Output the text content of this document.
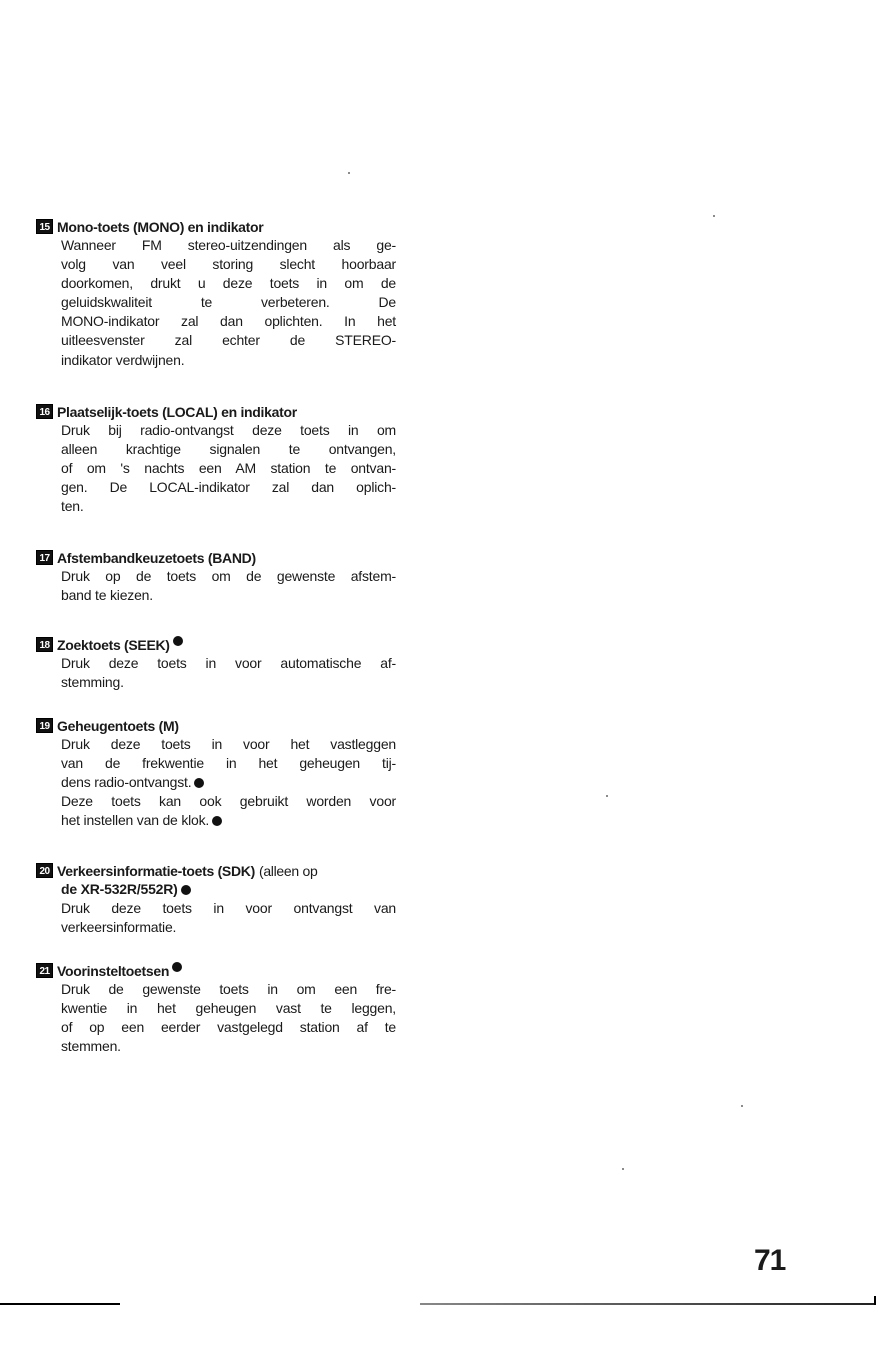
15 Mono-toets (MONO) en indikator
Wanneer FM stereo-uitzendingen als ge-
volg van veel storing slecht hoorbaar
doorkomen, drukt u deze toets in om de
geluidskwaliteit te verbeteren. De
MONO-indikator zal dan oplichten. In het
uitleesvenster zal echter de STEREO-
indikator verdwijnen.
16 Plaatselijk-toets (LOCAL) en indikator
Druk bij radio-ontvangst deze toets in om
alleen krachtige signalen te ontvangen,
of om 's nachts een AM station te ontvan-
gen. De LOCAL-indikator zal dan oplich-
ten.
17 Afstembandkeuzetoets (BAND)
Druk op de toets om de gewenste afstem-
band te kiezen.
18 Zoektoets (SEEK)
Druk deze toets in voor automatische af-
stemming.
19 Geheugentoets (M)
Druk deze toets in voor het vastleggen
van de frekwentie in het geheugen tij-
dens radio-ontvangst.
Deze toets kan ook gebruikt worden voor
het instellen van de klok.
20 Verkeersinformatie-toets (SDK) (alleen op
de XR-532R/552R)
Druk deze toets in voor ontvangst van
verkeersinformatie.
21 Voorinsteltoetsen
Druk de gewenste toets in om een fre-
kwentie in het geheugen vast te leggen,
of op een eerder vastgelegd station af te
stemmen.
71
